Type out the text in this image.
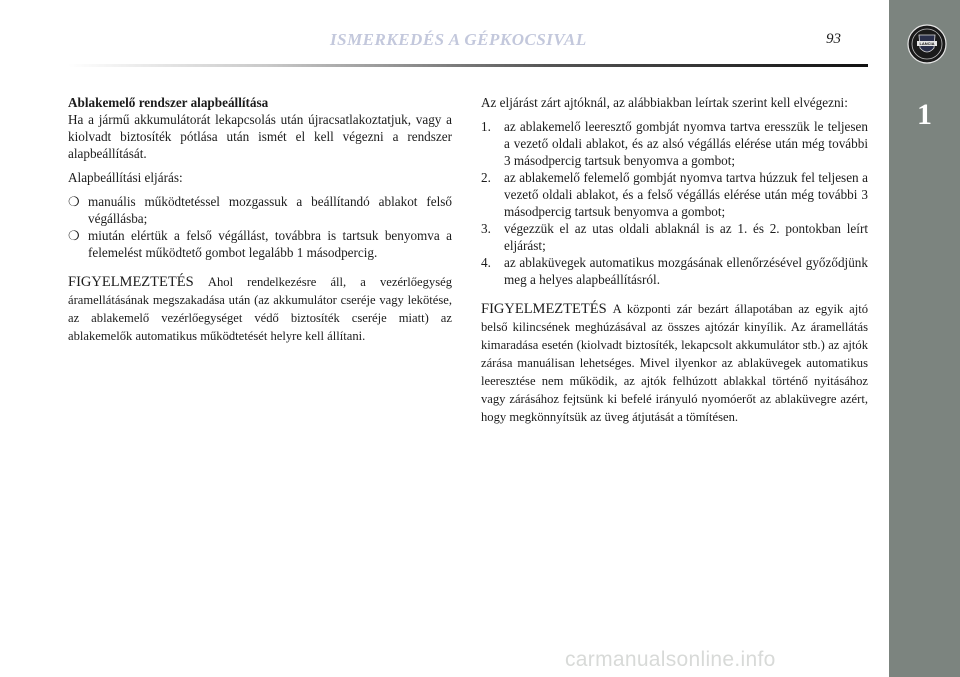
ISMERKEDÉS A GÉPKOCSIVAL	93	LANCIA
1

Ablakemelő rendszer alapbeállítása

Ha a jármű akkumulátorát lekapcsolás után újracsatlakoztatjuk, vagy a kiolvadt biztosíték pótlása után ismét el kell végezni a rendszer alapbeállítását.

Alapbeállítási eljárás:

❍ manuális működtetéssel mozgassuk a beállítandó ablakot felső végállásba;

❍ miután elértük a felső végállást, továbbra is tartsuk benyomva a felemelést működtető gombot legalább 1 másodpercig.

FIGYELMEZTETÉS Ahol rendelkezésre áll, a vezérlőegység áramellátásának megszakadása után (az akkumulátor cseréje vagy lekötése, az ablakemelő vezérlőegységet védő biztosíték cseréje miatt) az ablakemelők automatikus működtetését helyre kell állítani.

Az eljárást zárt ajtóknál, az alábbiakban leírtak szerint kell elvégezni:

1. az ablakemelő leeresztő gombját nyomva tartva eresszük le teljesen a vezető oldali ablakot, és az alsó végállás elérése után még további 3 másodpercig tartsuk benyomva a gombot;

2. az ablakemelő felemelő gombját nyomva tartva húzzuk fel teljesen a vezető oldali ablakot, és a felső végállás elérése után még további 3 másodpercig tartsuk benyomva a gombot;

3. végezzük el az utas oldali ablaknál is az 1. és 2. pontokban leírt eljárást;

4. az ablaküvegek automatikus mozgásának ellenőrzésével győződjünk meg a helyes alapbeállításról.

FIGYELMEZTETÉS A központi zár bezárt állapotában az egyik ajtó belső kilincsének meghúzásával az összes ajtózár kinyílik. Az áramellátás kimaradása esetén (kiolvadt biztosíték, lekapcsolt akkumulátor stb.) az ajtók zárása manuálisan lehetséges. Mivel ilyenkor az ablaküvegek automatikus leeresztése nem működik, az ajtók felhúzott ablakkal történő nyitásához vagy zárásához fejtsünk ki befelé irányuló nyomóerőt az ablaküvegre azért, hogy megkönnyítsük az üveg átjutását a tömítésen.

carmanualsonline.info
